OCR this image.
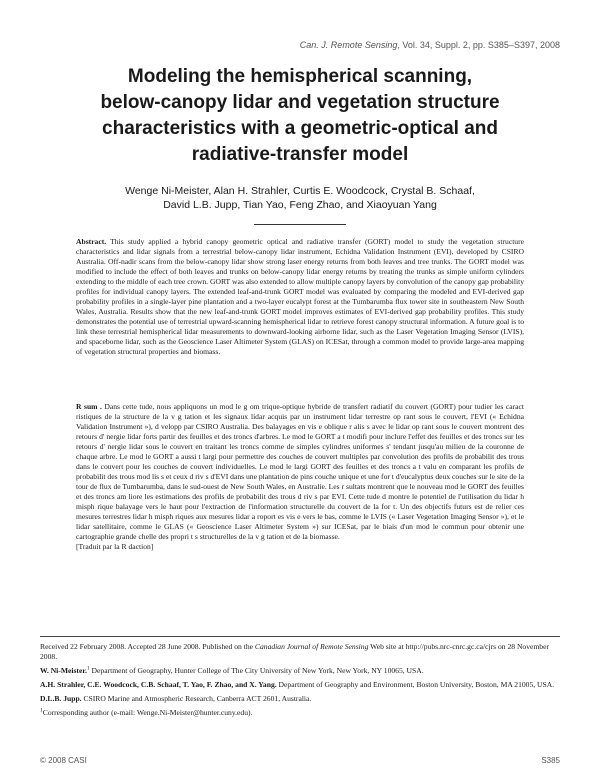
Can. J. Remote Sensing, Vol. 34, Suppl. 2, pp. S385–S397, 2008
Modeling the hemispherical scanning,
below-canopy lidar and vegetation structure
characteristics with a geometric-optical and
radiative-transfer model
Wenge Ni-Meister, Alan H. Strahler, Curtis E. Woodcock, Crystal B. Schaaf,
David L.B. Jupp, Tian Yao, Feng Zhao, and Xiaoyuan Yang

Abstract. This study applied a hybrid canopy geometric optical and radiative transfer (GORT) model to study the vegetation structure characteristics and lidar signals from a terrestrial below-canopy lidar instrument, Echidna Validation Instrument (EVI), developed by CSIRO Australia. Off-nadir scans from the below-canopy lidar show strong laser energy returns from both leaves and tree trunks. The GORT model was modified to include the effect of both leaves and trunks on below-canopy lidar energy returns by treating the trunks as simple uniform cylinders extending to the middle of each tree crown. GORT was also extended to allow multiple canopy layers by convolution of the canopy gap probability profiles for individual canopy layers. The extended leaf-and-trunk GORT model was evaluated by comparing the modeled and EVI-derived gap probability profiles in a single-layer pine plantation and a two-layer eucalypt forest at the Tumbarumba flux tower site in southeastern New South Wales, Australia. Results show that the new leaf-and-trunk GORT model improves estimates of EVI-derived gap probability profiles. This study demonstrates the potential use of terrestrial upward-scanning hemispherical lidar to retrieve forest canopy structural information. A future goal is to link these terrestrial hemispherical lidar measurements to downward-looking airborne lidar, such as the Laser Vegetation Imaging Sensor (LVIS), and spaceborne lidar, such as the Geoscience Laser Altimeter System (GLAS) on ICESat, through a common model to provide large-area mapping of vegetation structural properties and biomass.

R sum . Dans cette tude, nous appliquons un mod le g om trique-optique hybride de transfert radiatif du couvert (GORT) pour tudier les caract ristiques de la structure de la v g tation et les signaux lidar acquis par un instrument lidar terrestre op rant sous le couvert, l'EVI (« Echidna Validation Instrument »), d velopp par CSIRO Australia. Des balayages en vis e oblique r alis s avec le lidar op rant sous le couvert montrent des retours d' nergie lidar forts partir des feuilles et des troncs d'arbres. Le mod le GORT a t modifi pour inclure l'effet des feuilles et des troncs sur les retours d' nergie lidar sous le couvert en traitant les troncs comme de simples cylindres uniformes s' tendant jusqu'au milieu de la couronne de chaque arbre. Le mod le GORT a aussi t largi pour permettre des couches de couvert multiples par convolution des profils de probabilit des trous dans le couvert pour les couches de couvert individuelles. Le mod le largi GORT des feuilles et des troncs a t valu en comparant les profils de probabilit des trous mod lis s et ceux d riv s d'EVI dans une plantation de pins couche unique et une for t d'eucalyptus deux couches sur le site de la tour de flux de Tumbarumba, dans le sud-ouest de New South Wales, en Australie. Les r sultats montrent que le nouveau mod le GORT des feuilles et des troncs am liore les estimations des profils de probabilit des trous d riv s par EVI. Cette tude d montre le potentiel de l'utilisation du lidar h misph rique balayage vers le haut pour l'extraction de l'information structurelle du couvert de la for t. Un des objectifs futurs est de relier ces mesures terrestres lidar h misph riques aux mesures lidar a roport es vis e vers le bas, comme le LVIS (« Laser Vegetation Imaging Sensor »), et le lidar satellitaire, comme le GLAS (« Geoscience Laser Altimeter System ») sur ICESat, par le biais d'un mod le commun pour obtenir une cartographie grande chelle des propri t s structurelles de la v g tation et de la biomasse.
[Traduit par la R daction]

Received 22 February 2008. Accepted 28 June 2008. Published on the Canadian Journal of Remote Sensing Web site at http://pubs.nrc-cnrc.gc.ca/cjrs on 28 November 2008.

W. Ni-Meister.$^1$ Department of Geography, Hunter College of The City University of New York, New York, NY 10065, USA.

A.H. Strahler, C.E. Woodcock, C.B. Schaaf, T. Yao, F. Zhao, and X. Yang. Department of Geography and Environment, Boston University, Boston, MA 21005, USA.

D.L.B. Jupp. CSIRO Marine and Atmospheric Research, Canberra ACT 2601, Australia.

$^1$Corresponding author (e-mail: Wenge.Ni-Meister@hunter.cuny.edu).

© 2008 CASI	S385
